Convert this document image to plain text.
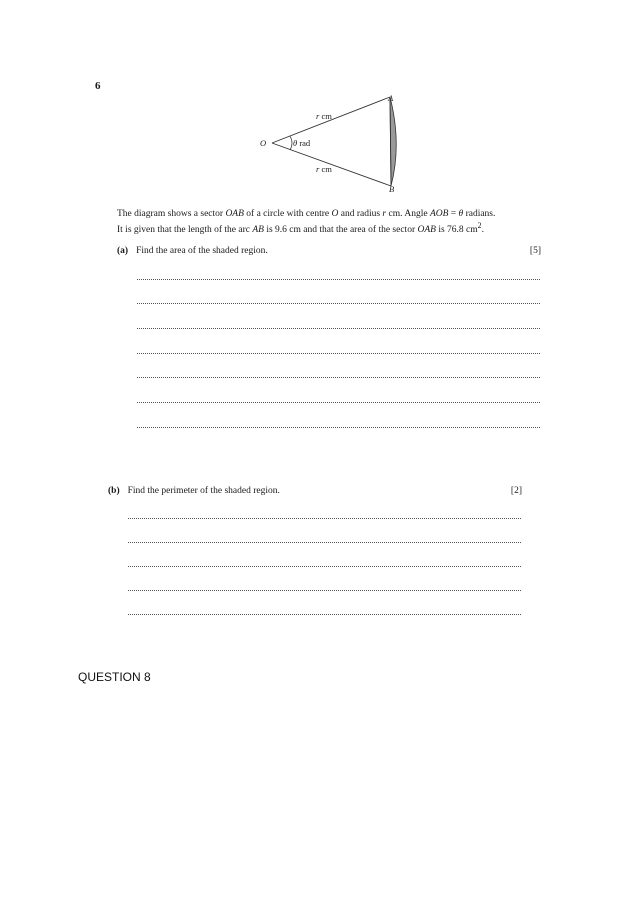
6
O
A
B
r cm
r cm
θ rad
The diagram shows a sector OAB of a circle with centre O and radius r cm. Angle AOB = θ radians.
It is given that the length of the arc AB is 9.6 cm and that the area of the sector OAB is 76.8 $cm^2$.
(a) Find the area of the shaded region.	[5]
(b) Find the perimeter of the shaded region.	[2]
QUESTION 8
